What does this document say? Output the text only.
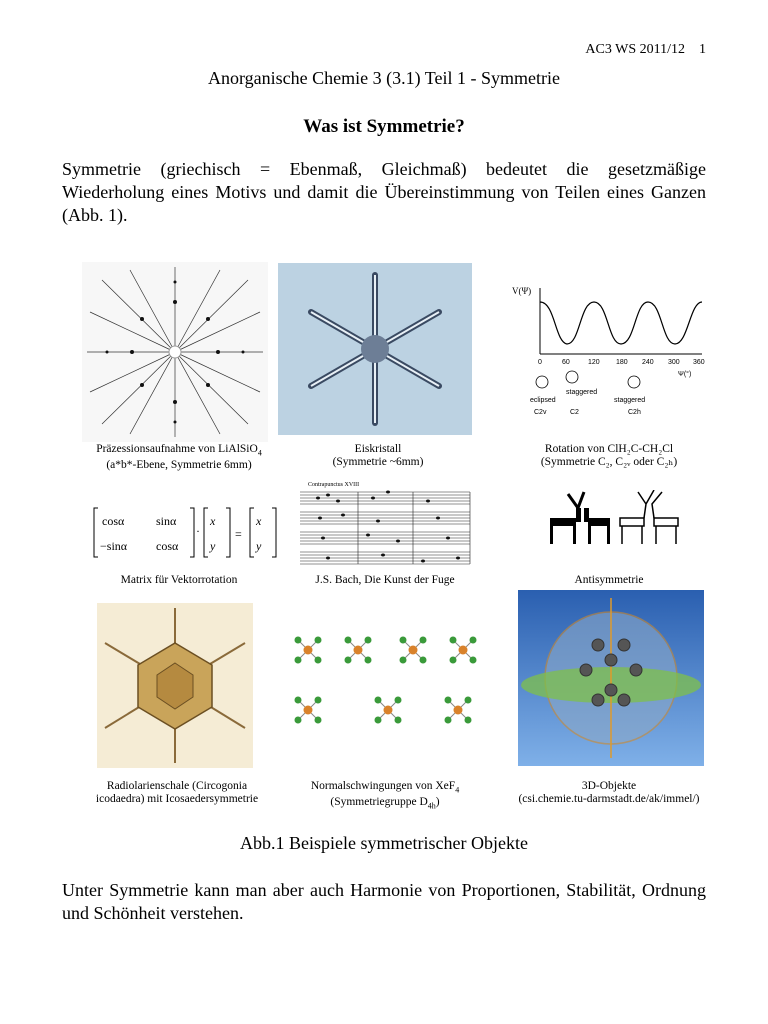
AC3 WS 2011/12 1
Anorganische Chemie 3 (3.1) Teil 1 - Symmetrie
Was ist Symmetrie?
Symmetrie (griechisch = Ebenmaß, Gleichmaß) bedeutet die gesetzmäßige Wiederholung eines Motivs und damit die Übereinstimmung von Teilen eines Ganzen (Abb. 1).
V(Ψ)
0	60	120 180 240 300 360
Ψ(°)
eclipsed
staggered
staggered
C2v	C2	C2h
Präzessionsaufnahme von LiAlSiO$_4$
(a*b*-Ebene, Symmetrie 6mm)
Eiskristall
(Symmetrie ~6mm)
Rotation von ClH₂C-CH₂Cl
(Symmetrie C₂, C₂ᵥ oder C₂ₕ)
cosα	sinα
−sinα cosα
·
x
y
=
x
y
Contrapunctus XVIII
Matrix für Vektorrotation	J.S. Bach, Die Kunst der Fuge	Antisymmetrie
Radiolarienschale (Circogonia
icodaedra) mit Icosaedersymmetrie
Normalschwingungen von XeF$_4$
(Symmetriegruppe $D_{4h}$)
3D-Objekte
(csi.chemie.tu-darmstadt.de/ak/immel/)
Abb.1 Beispiele symmetrischer Objekte
Unter Symmetrie kann man aber auch Harmonie von Proportionen, Stabilität, Ordnung und Schönheit verstehen.
